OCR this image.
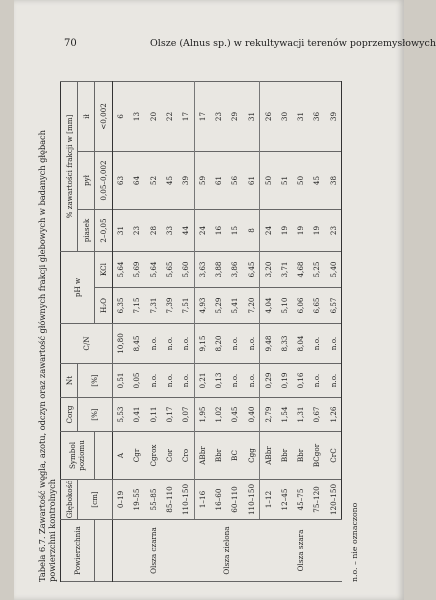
70	Olsze (Alnus sp.) w rekultywacji terenów poprzemysłowych
Tabela 6.7. Zawartość węgla, azotu, odczyn oraz zawartość głównych frakcji glebowych w badanych głębach powierzchni kontrolnych Powierzchnia	Głębokość	Symbol poziomu	Corg	Nt	C/N	pH w		% zawartości frakcji w [mm]		
	[cm]		[%]	[%]				piasek	pył	ił
						H₂O	KCl	2–0,05	0,05–0,002	<0,002
Olsza czarna	0–19	A	5,53	0,51	10,80	6,35	5,64	31	63	6
	19–55	Cgr	0,41	0,05	8,45	7,15	5,69	23	64	13
	55–85	Cgrox	0,11	n.o.	n.o.	7,31	5,64	28	52	20
	85–110	Cor	0,17	n.o.	n.o.	7,39	5,65	33	45	22
	110–150	Cro	0,07	n.o.	n.o.	7,51	5,60	44	39	17
Olsza zielona	1–16	ABbr	1,95	0,21	9,15	4,93	3,63	24	59	17
	16–60	Bbr	1,02	0,13	8,20	5,29	3,88	16	61	23
	60–110	BC	0,45	n.o.	n.o.	5,41	3,86	15	56	29
	110–150	Cgg	0,40	n.o.	n.o.	7,20	6,45	8	61	31
Olsza szara	1–12	ABbr	2,79	0,29	9,48	4,04	3,20	24	50	26
	12–45	Bbr	1,54	0,19	8,33	5,10	3,71	19	51	30
	45–75	Bbr	1,31	0,16	8,04	6,06	4,68	19	50	31
	75–120	BCgor	0,67	n.o.	n.o.	6,65	5,25	19	45	36
	120–150	CrC	1,26	n.o.	n.o.	6,57	5,40	23	38	39
n.o. – nie oznaczono
